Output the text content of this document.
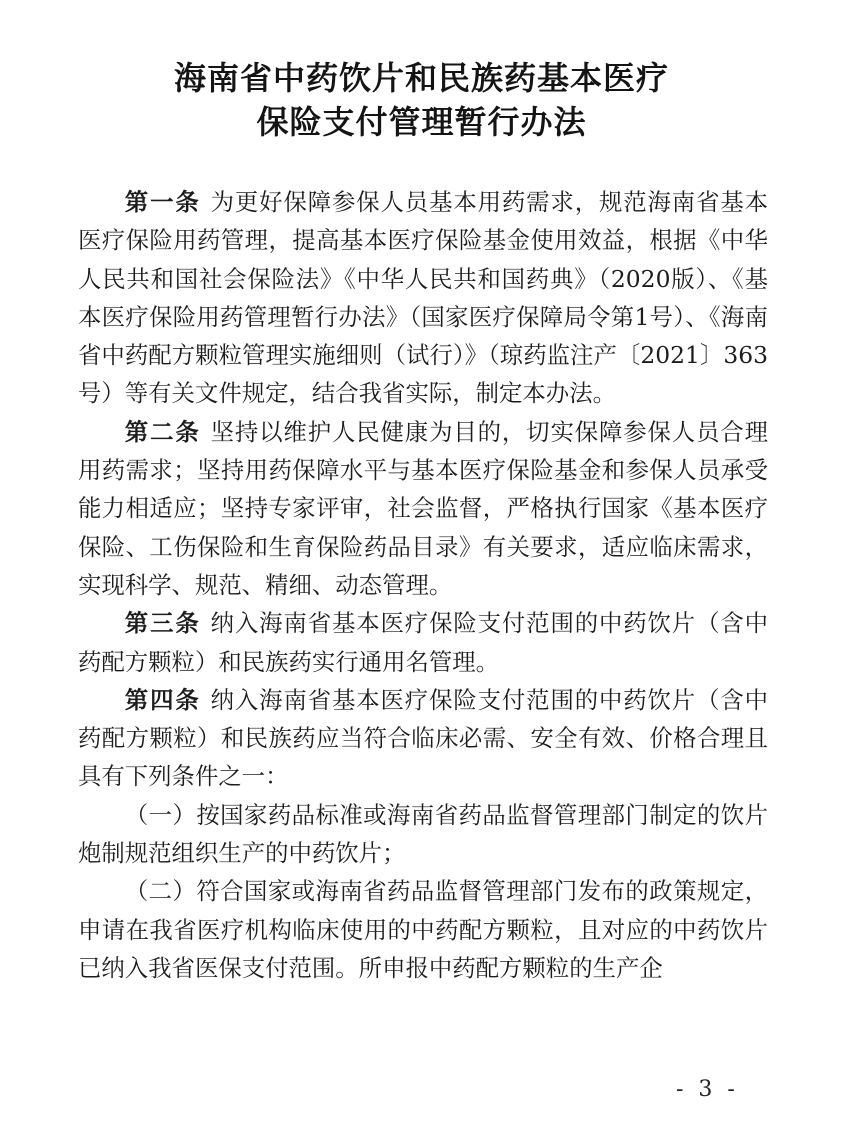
海南省中药饮片和民族药基本医疗
保险支付管理暂行办法

第一条 为更好保障参保人员基本用药需求，规范海南省基本医疗保险用药管理，提高基本医疗保险基金使用效益，根据《中华人民共和国社会保险法》《中华人民共和国药典》（2020版）、《基本医疗保险用药管理暂行办法》（国家医疗保障局令第1号）、《海南省中药配方颗粒管理实施细则（试行）》（琼药监注产〔2021〕363号）等有关文件规定，结合我省实际，制定本办法。

第二条 坚持以维护人民健康为目的，切实保障参保人员合理用药需求；坚持用药保障水平与基本医疗保险基金和参保人员承受能力相适应；坚持专家评审，社会监督，严格执行国家《基本医疗保险、工伤保险和生育保险药品目录》有关要求，适应临床需求，实现科学、规范、精细、动态管理。

第三条 纳入海南省基本医疗保险支付范围的中药饮片（含中药配方颗粒）和民族药实行通用名管理。

第四条 纳入海南省基本医疗保险支付范围的中药饮片（含中药配方颗粒）和民族药应当符合临床必需、安全有效、价格合理且具有下列条件之一：

（一）按国家药品标准或海南省药品监督管理部门制定的饮片炮制规范组织生产的中药饮片；

（二）符合国家或海南省药品监督管理部门发布的政策规定，申请在我省医疗机构临床使用的中药配方颗粒，且对应的中药饮片已纳入我省医保支付范围。所申报中药配方颗粒的生产企

- 3 -
